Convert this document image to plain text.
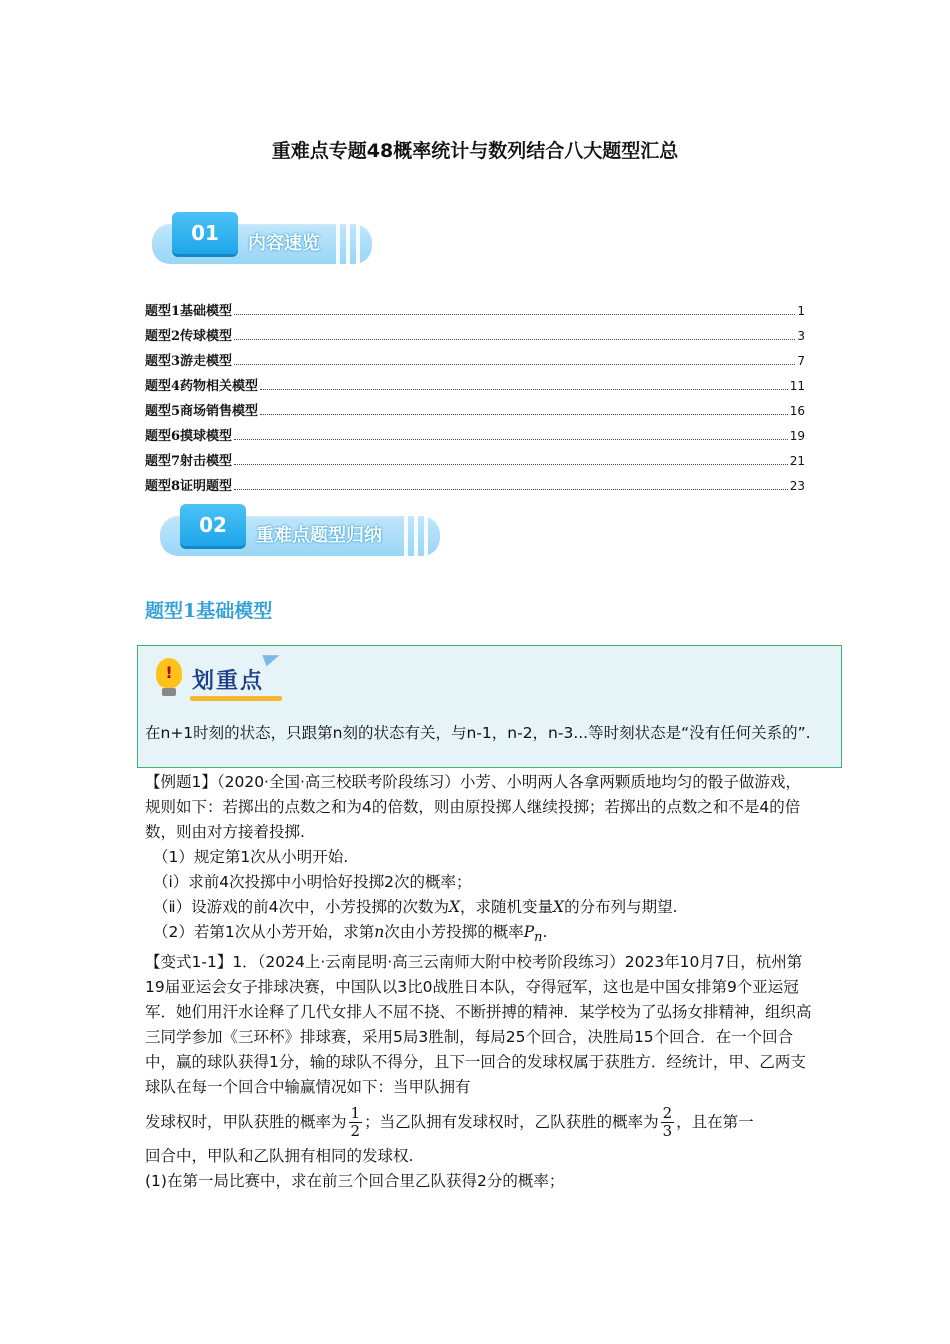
重难点专题48概率统计与数列结合八大题型汇总
01	内容速览
题型1基础模型	1
题型2传球模型	3
题型3游走模型	7
题型4药物相关模型	11
题型5商场销售模型	16
题型6摸球模型	19
题型7射击模型	21
题型8证明题型	23
02	重难点题型归纳
题型1基础模型
! 划重点
在n+1时刻的状态，只跟第n刻的状态有关，与n-1，n-2，n-3...等时刻状态是“没有任何关系的”.

【例题1】（2020·全国·高三校联考阶段练习）小芳、小明两人各拿两颗质地均匀的骰子做游戏，规则如下：若掷出的点数之和为4的倍数，则由原投掷人继续投掷；若掷出的点数之和不是4的倍数，则由对方接着投掷.

（1）规定第1次从小明开始.

（ⅰ）求前4次投掷中小明恰好投掷2次的概率；

（ⅱ）设游戏的前4次中，小芳投掷的次数为X，求随机变量X的分布列与期望.

（2）若第1次从小芳开始，求第n次由小芳投掷的概率$P_n$.

【变式1-1】1．（2024上·云南昆明·高三云南师大附中校考阶段练习）2023年10月7日，杭州第19届亚运会女子排球决赛，中国队以3比0战胜日本队，夺得冠军，这也是中国女排第9个亚运冠军．她们用汗水诠释了几代女排人不屈不挠、不断拼搏的精神．某学校为了弘扬女排精神，组织高三同学参加《三环杯》排球赛，采用5局3胜制，每局25个回合，决胜局15个回合．在一个回合中，赢的球队获得1分，输的球队不得分，且下一回合的发球权属于获胜方．经统计，甲、乙两支球队在每一个回合中输赢情况如下：当甲队拥有

发球权时，甲队获胜的概率为 $\frac{1}{2}$ ；当乙队拥有发球权时，乙队获胜的概率为 $\frac{2}{3}$ ，且在第一

回合中，甲队和乙队拥有相同的发球权.

(1)在第一局比赛中，求在前三个回合里乙队获得2分的概率；
